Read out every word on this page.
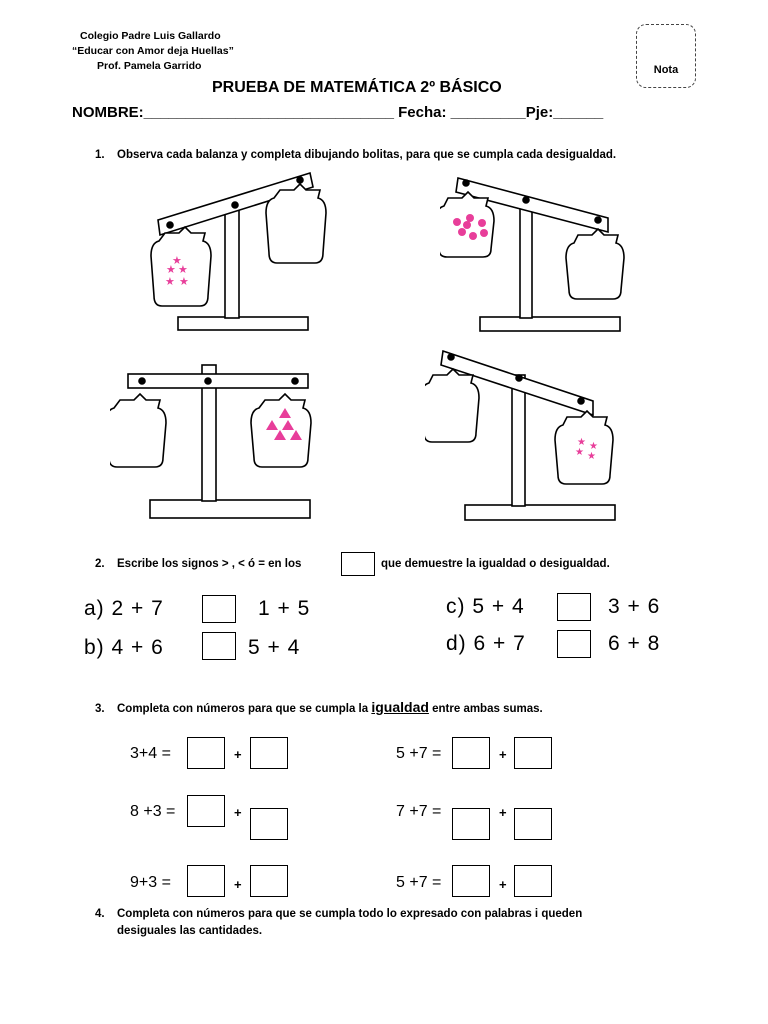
Colegio Padre Luis Gallardo
“Educar con Amor deja Huellas”
Prof. Pamela Garrido	Nota
PRUEBA DE MATEMÁTICA 2º BÁSICO
NOMBRE:______________________________ Fecha: _________Pje:______
1. Observa cada balanza y completa dibujando bolitas, para que se cumpla cada desigualdad.
★ ★
★
★ ★
★ ★
★ ★
2. Escribe los signos > , < ó = en los	que demuestre la igualdad o desigualdad.
a) 2 + 7	1 + 5
b) 4 + 6	5 + 4
c) 5 + 4	3 + 6
d) 6 + 7	6 + 8
3. Completa con números para que se cumpla la igualdad entre ambas sumas.
3+4 =	+	5 +7 =	+
8 +3 =	+	7 +7 =	+
9+3 =	+	5 +7 =	+
4. Completa con números para que se cumpla todo lo expresado con palabras i queden
desiguales las cantidades.
